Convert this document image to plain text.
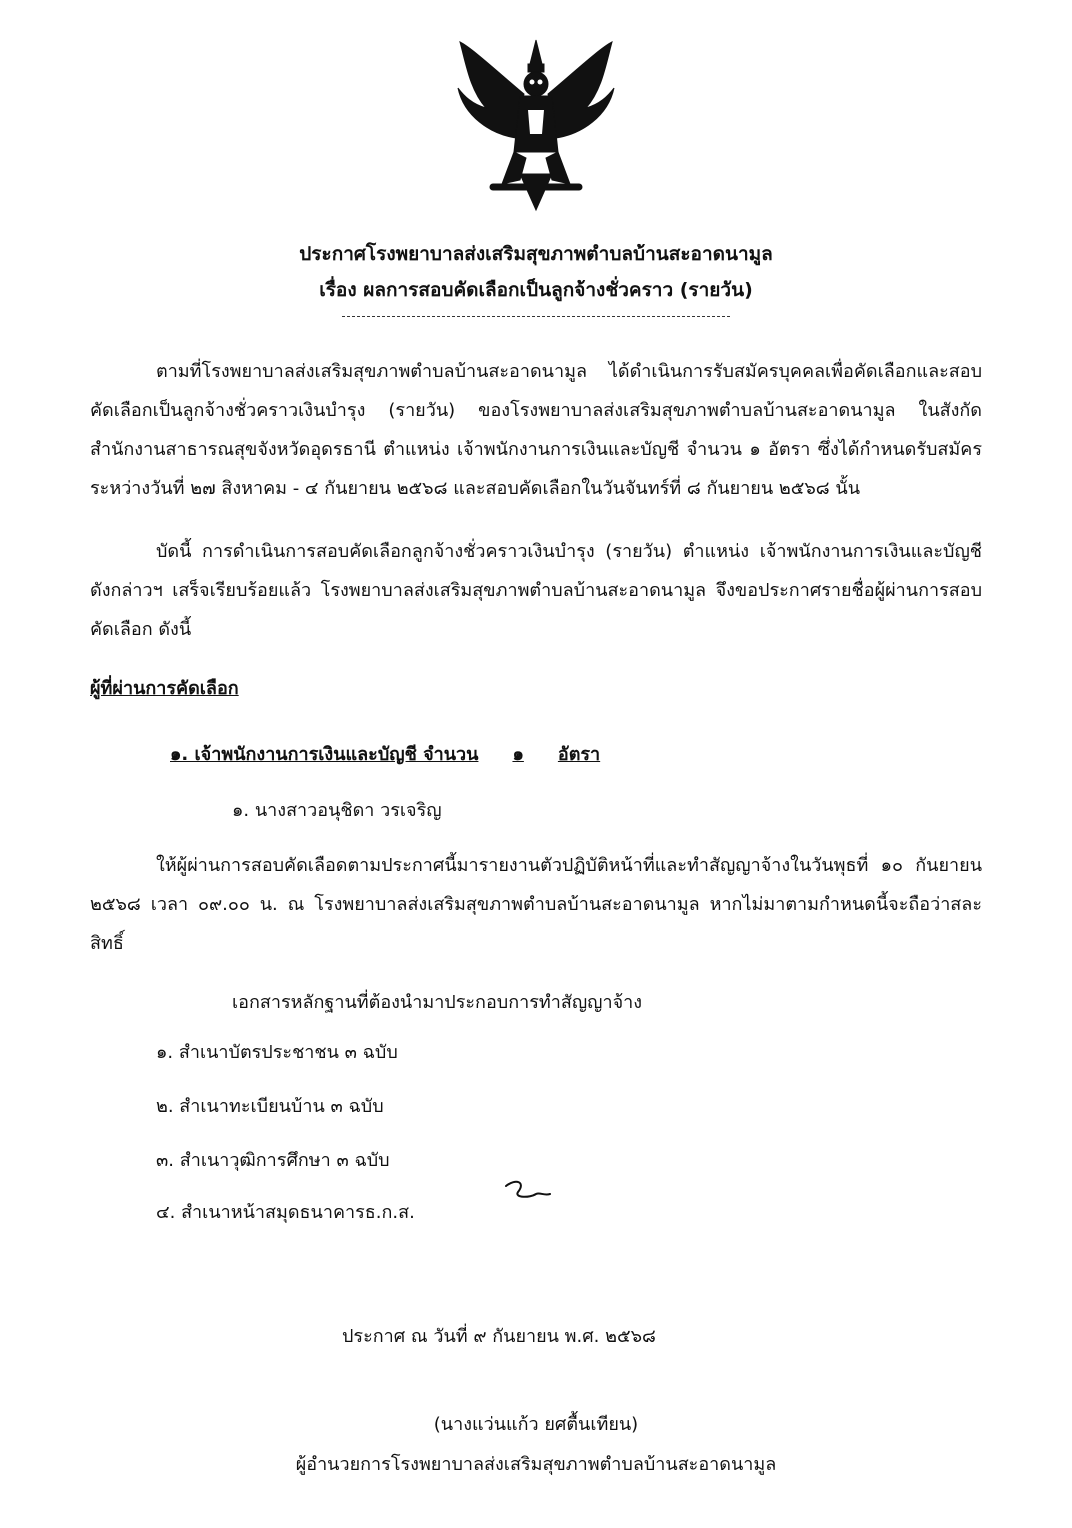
ประกาศโรงพยาบาลส่งเสริมสุขภาพตำบลบ้านสะอาดนามูล
เรื่อง ผลการสอบคัดเลือกเป็นลูกจ้างชั่วคราว (รายวัน)

ตามที่โรงพยาบาลส่งเสริมสุขภาพตำบลบ้านสะอาดนามูล ได้ดำเนินการรับสมัครบุคคลเพื่อคัดเลือกและสอบคัดเลือกเป็นลูกจ้างชั่วคราวเงินบำรุง (รายวัน) ของโรงพยาบาลส่งเสริมสุขภาพตำบลบ้านสะอาดนามูล ในสังกัดสำนักงานสาธารณสุขจังหวัดอุดรธานี ตำแหน่ง เจ้าพนักงานการเงินและบัญชี จำนวน ๑ อัตรา ซึ่งได้กำหนดรับสมัครระหว่างวันที่ ๒๗ สิงหาคม - ๔ กันยายน ๒๕๖๘ และสอบคัดเลือกในวันจันทร์ที่ ๘ กันยายน ๒๕๖๘ นั้น

บัดนี้ การดำเนินการสอบคัดเลือกลูกจ้างชั่วคราวเงินบำรุง (รายวัน) ตำแหน่ง เจ้าพนักงานการเงินและบัญชี ดังกล่าวฯ เสร็จเรียบร้อยแล้ว โรงพยาบาลส่งเสริมสุขภาพตำบลบ้านสะอาดนามูล จึงขอประกาศรายชื่อผู้ผ่านการสอบคัดเลือก ดังนี้

ผู้ที่ผ่านการคัดเลือก
๑. เจ้าพนักงานการเงินและบัญชี จำนวน ๑ อัตรา
๑. นางสาวอนุชิดา วรเจริญ

ให้ผู้ผ่านการสอบคัดเลือดตามประกาศนี้มารายงานตัวปฏิบัติหน้าที่และทำสัญญาจ้างในวันพุธที่ ๑๐ กันยายน ๒๕๖๘ เวลา ๐๙.๐๐ น. ณ โรงพยาบาลส่งเสริมสุขภาพตำบลบ้านสะอาดนามูล หากไม่มาตามกำหนดนี้จะถือว่าสละสิทธิ์

เอกสารหลักฐานที่ต้องนำมาประกอบการทำสัญญาจ้าง
๑. สำเนาบัตรประชาชน ๓ ฉบับ
๒. สำเนาทะเบียนบ้าน ๓ ฉบับ
๓. สำเนาวุฒิการศึกษา ๓ ฉบับ
๔. สำเนาหน้าสมุดธนาคารธ.ก.ส.
ประกาศ ณ วันที่ ๙ กันยายน พ.ศ. ๒๕๖๘
(นางแว่นแก้ว ยศตื้นเทียน)
ผู้อำนวยการโรงพยาบาลส่งเสริมสุขภาพตำบลบ้านสะอาดนามูล
